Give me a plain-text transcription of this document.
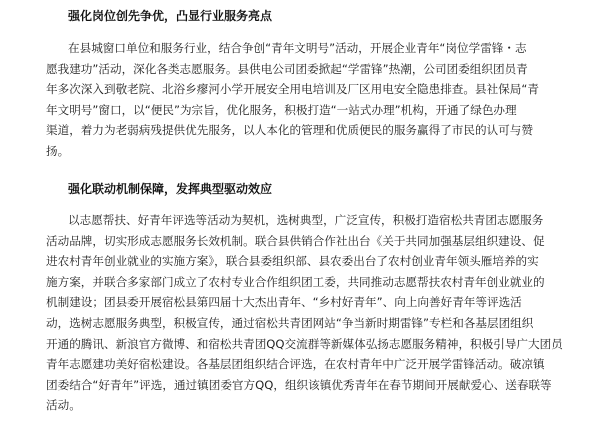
强化岗位创先争优，凸显行业服务亮点
在县城窗口单位和服务行业，结合争创“青年文明号”活动，开展企业青年“岗位学雷锋・志
愿我建功”活动，深化各类志愿服务。县供电公司团委掀起“学雷锋”热潮，公司团委组织团员青
年多次深入到敬老院、北浴乡瘳河小学开展安全用电培训及厂区用电安全隐患排查。县社保局“青
年文明号”窗口，以“便民”为宗旨，优化服务，积极打造“一站式办理”机构，开通了绿色办理
渠道，着力为老弱病残提供优先服务，以人本化的管理和优质便民的服务赢得了市民的认可与赞
扬。
强化联动机制保障，发挥典型驱动效应
以志愿帮扶、好青年评选等活动为契机，选树典型，广泛宣传，积极打造宿松共青团志愿服务
活动品牌，切实形成志愿服务长效机制。联合县供销合作社出台《关于共同加强基层组织建设、促
进农村青年创业就业的实施方案》，联合县委组织部、县农委出台了农村创业青年领头雁培养的实
施方案，并联合多家部门成立了农村专业合作组织团工委，共同推动志愿帮扶农村青年创业就业的
机制建设；团县委开展宿松县第四届十大杰出青年、“乡村好青年”、向上向善好青年等评选活
动，选树志愿服务典型，积极宣传，通过宿松共青团网站“争当新时期雷锋”专栏和各基层团组织
开通的腾讯、新浪官方微博、和宿松共青团QQ交流群等新媒体弘扬志愿服务精神，积极引导广大团员
青年志愿建功美好宿松建设。各基层团组织结合评选，在农村青年中广泛开展学雷锋活动。破凉镇
团委结合“好青年”评选，通过镇团委官方QQ，组织该镇优秀青年在春节期间开展献爱心、送春联等
活动。
